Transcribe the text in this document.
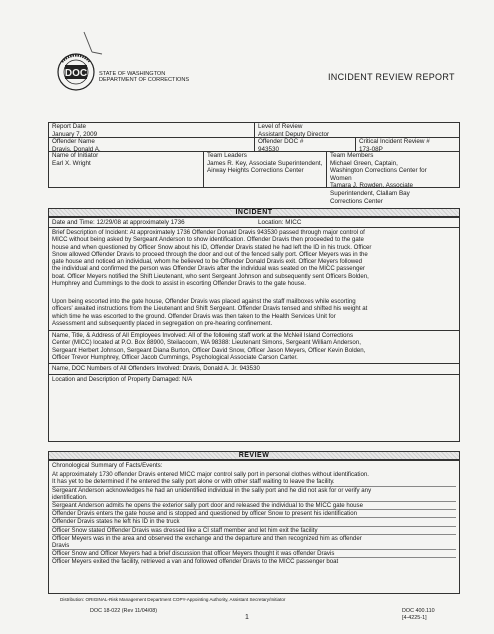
DOC STATE OF WASHINGTON
DEPARTMENT OF CORRECTIONS	INCIDENT REVIEW REPORT
Report Date
January 7, 2009
Level of Review
Assistant Deputy Director
Offender Name
Dravis, Donald A.
Offender DOC #
943530
Critical Incident Review #
173-08P
Name of Initiator
Earl X. Wright
Team Leaders
James R. Key, Associate Superintendent,
Airway Heights Corrections Center
Team Members
Michael Green, Captain,
Washington Corrections Center for
Women
Tamara J. Rowden, Associate
Superintendent, Clallam Bay
Corrections Center
INCIDENT
Date and Time: 12/29/08 at approximately 1736	Location: MICC
Brief Description of Incident: At approximately 1736 Offender Donald Dravis 943530 passed through major control of
MICC without being asked by Sergeant Anderson to show identification. Offender Dravis then proceeded to the gate
house and when questioned by Officer Snow about his ID, Offender Dravis stated he had left the ID in his truck. Officer
Snow allowed Offender Dravis to proceed through the door and out of the fenced sally port. Officer Meyers was in the
gate house and noticed an individual, whom he believed to be Offender Donald Dravis exit. Officer Meyers followed
the individual and confirmed the person was Offender Dravis after the individual was seated on the MICC passenger
boat. Officer Meyers notified the Shift Lieutenant, who sent Sergeant Johnson and subsequently sent Officers Bolden,
Humphrey and Cummings to the dock to assist in escorting Offender Dravis to the gate house.
Upon being escorted into the gate house, Offender Dravis was placed against the staff mailboxes while escorting
officers' awaited instructions from the Lieutenant and Shift Sergeant. Offender Dravis tensed and shifted his weight at
which time he was escorted to the ground. Offender Dravis was then taken to the Health Services Unit for
Assessment and subsequently placed in segregation on pre-hearing confinement.
Name, Title, & Address of All Employees Involved: All of the following staff work at the McNeil Island Corrections
Center (MICC) located at P.O. Box 88900, Steilacoom, WA 98388: Lieutenant Simons, Sergeant William Anderson,
Sergeant Herbert Johnson, Sergeant Diana Burton, Officer David Snow, Officer Jason Meyers, Officer Kevin Bolden,
Officer Trevor Humphrey, Officer Jacob Cummings, Psychological Associate Carson Carter.
Name, DOC Numbers of All Offenders Involved: Dravis, Donald A. Jr. 943530
Location and Description of Property Damaged: N/A
REVIEW
Chronological Summary of Facts/Events:
At approximately 1730 offender Dravis entered MICC major control sally port in personal clothes without identification.
It has yet to be determined if he entered the sally port alone or with other staff waiting to leave the facility.
Sergeant Anderson acknowledges he had an unidentified individual in the sally port and he did not ask for or verify any
identification.
Sergeant Anderson admits he opens the exterior sally port door and released the individual to the MICC gate house
Offender Dravis enters the gate house and is stopped and questioned by officer Snow to present his identification
Offender Dravis states he left his ID in the truck
Officer Snow stated Offender Dravis was dressed like a CI staff member and let him exit the facility
Officer Meyers was in the area and observed the exchange and the departure and then recognized him as offender
Dravis
Officer Snow and Officer Meyers had a brief discussion that officer Meyers thought it was offender Dravis
Officer Meyers exited the facility, retrieved a van and followed offender Dravis to the MICC passenger boat
Distribution: ORIGINAL-Risk Management Department COPY-Appointing Authority, Assistant Secretary/Initiator
DOC 18-022 (Rev 11/04/08)
1
DOC 400.110
[4-4225-1]
